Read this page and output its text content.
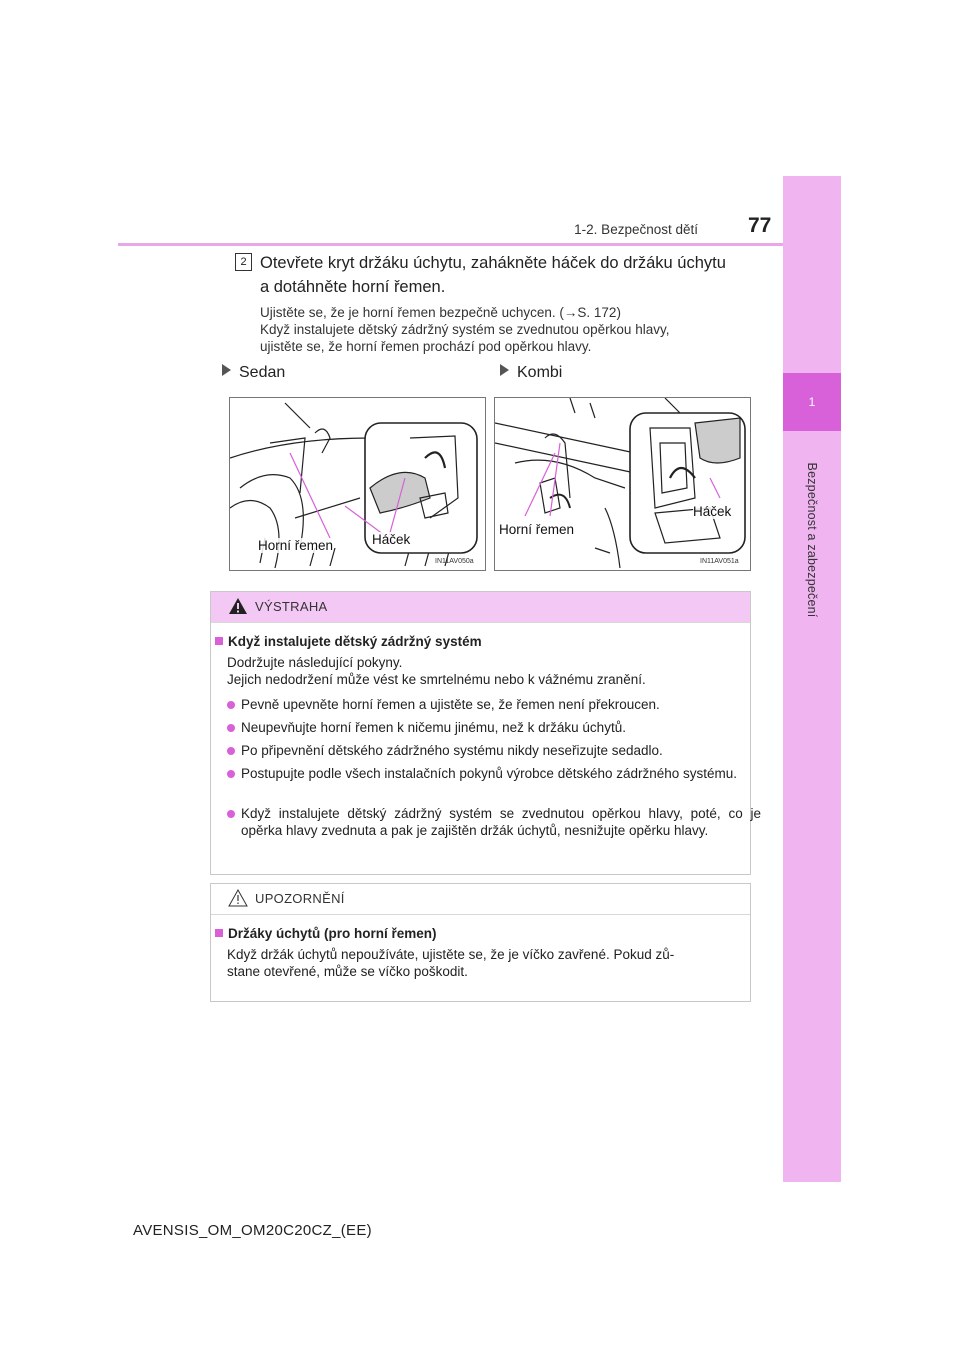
1
Bezpečnost a zabezpečení
1-2. Bezpečnost dětí 77
2 Otevřete kryt držáku úchytu, zahákněte háček do držáku úchytu
a dotáhněte horní řemen.
Ujistěte se, že je horní řemen bezpečně uchycen. (→S. 172)
Když instalujete dětský zádržný systém se zvednutou opěrkou hlavy,
ujistěte se, že horní řemen prochází pod opěrkou hlavy.
Sedan	Kombi
Horní řemen	Háček
IN11AV050a
Horní řemen
Háček
IN11AV051a
VÝSTRAHA
Když instalujete dětský zádržný systém
Dodržujte následující pokyny.
Jejich nedodržení může vést ke smrtelnému nebo k vážnému zranění.
Pevně upevněte horní řemen a ujistěte se, že řemen není překroucen.
Neupevňujte horní řemen k ničemu jinému, než k držáku úchytů.
Po připevnění dětského zádržného systému nikdy neseřizujte sedadlo.
Postupujte podle všech instalačních pokynů výrobce dětského zádržného systému.
Když instalujete dětský zádržný systém se zvednutou opěrkou hlavy, poté, co je opěrka hlavy zvednuta a pak je zajištěn držák úchytů, nesnižujte opěrku hlavy.
UPOZORNĚNÍ
Držáky úchytů (pro horní řemen)
Když držák úchytů nepoužíváte, ujistěte se, že je víčko zavřené. Pokud zů-
stane otevřené, může se víčko poškodit.
AVENSIS_OM_OM20C20CZ_(EE)
